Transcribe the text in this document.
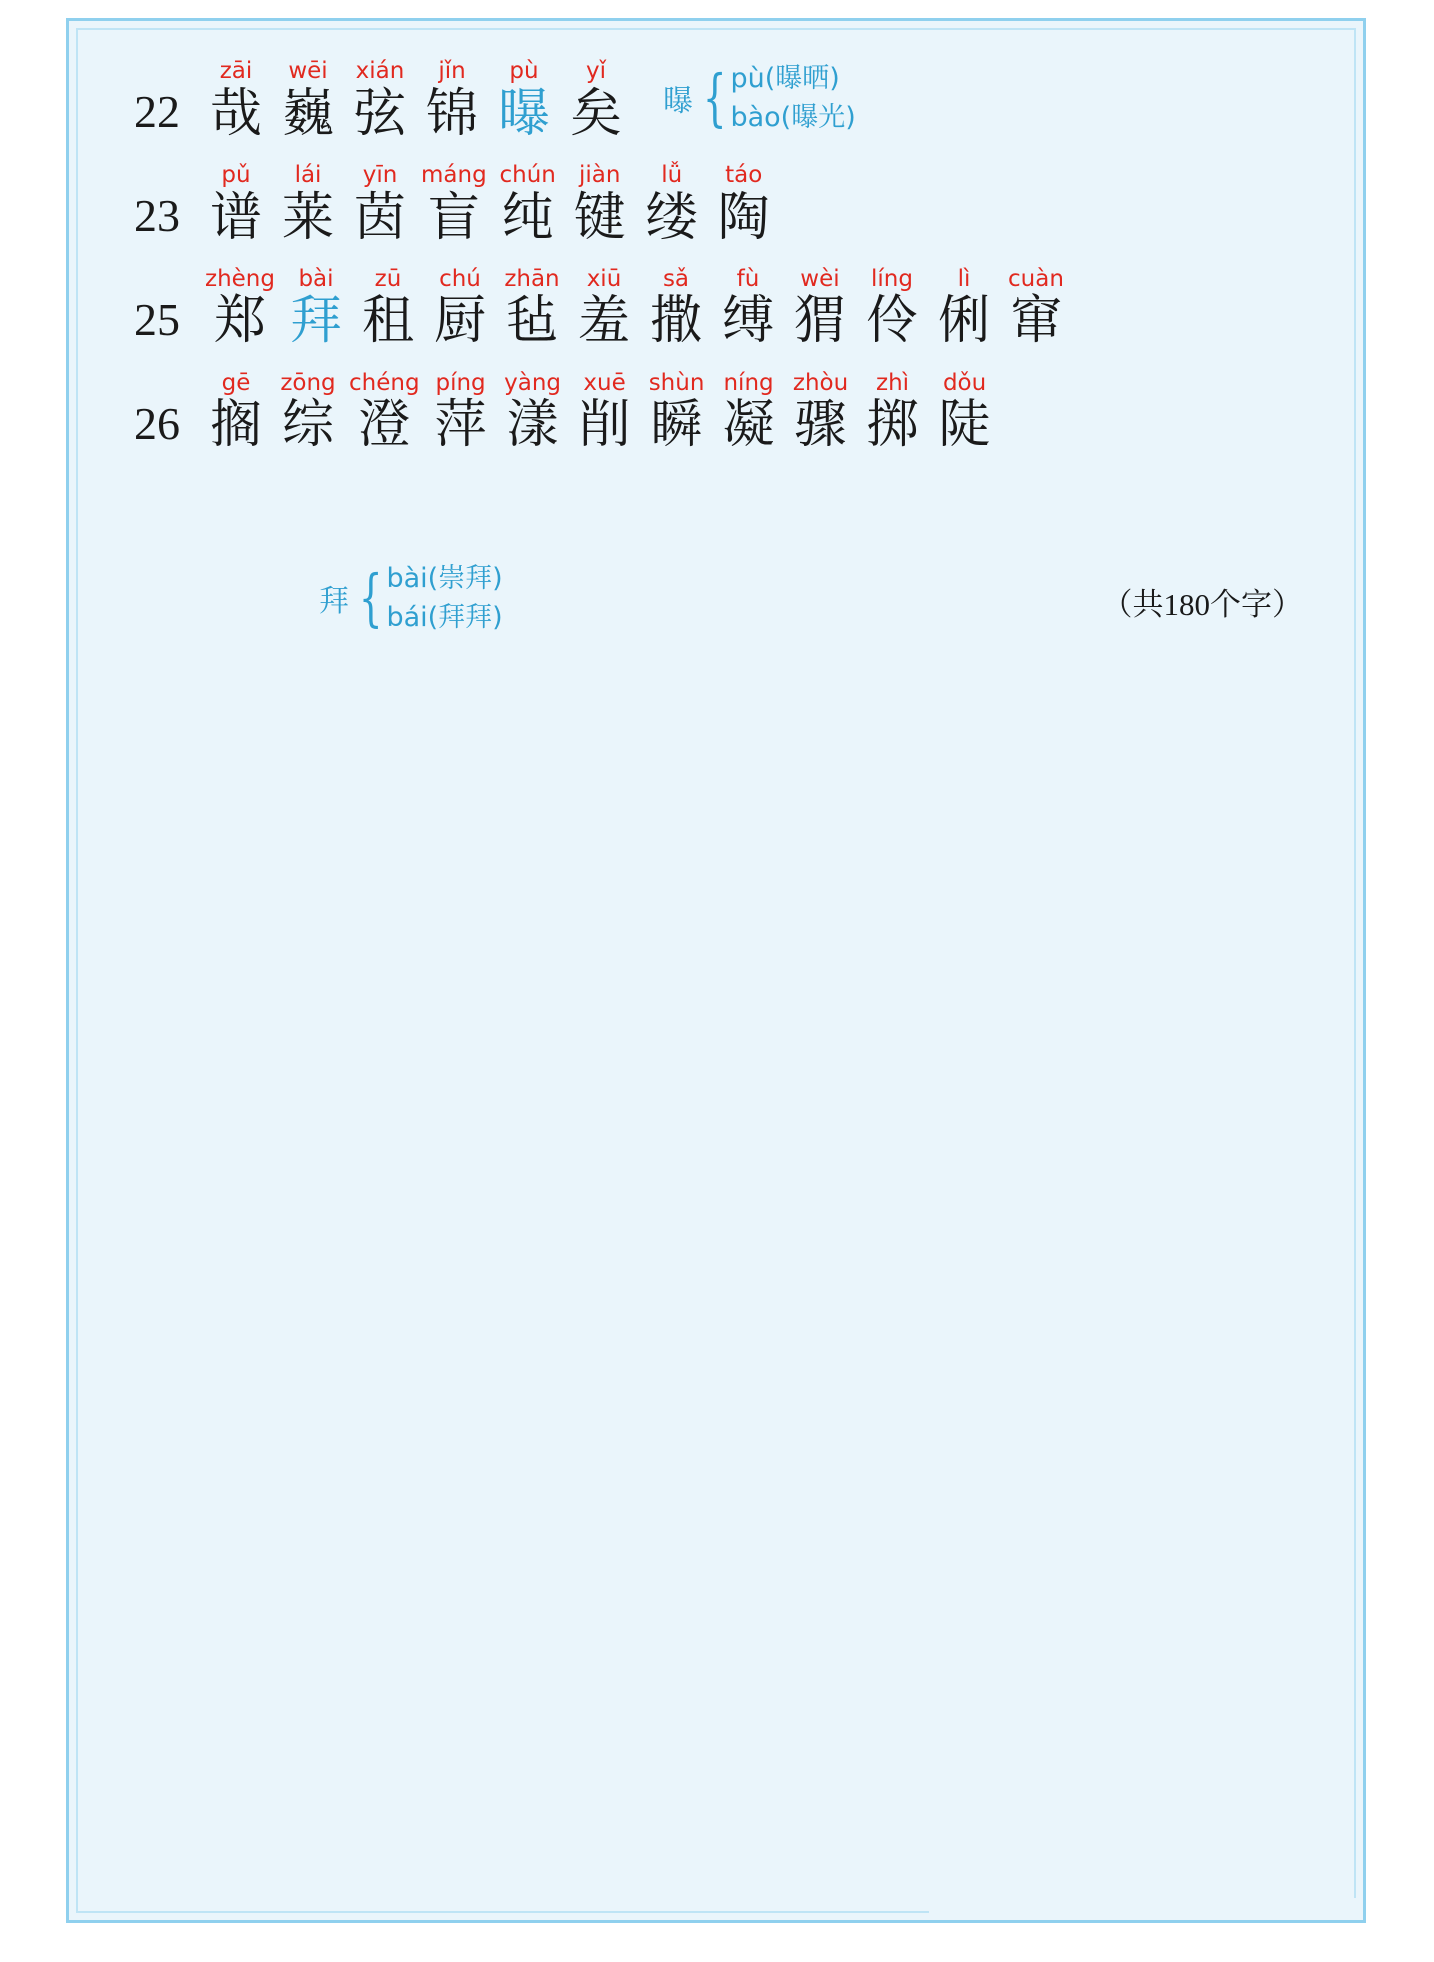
22
zāi
哉
wēi
巍
xián
弦
jǐn
锦
pù
曝
yǐ
矣 曝 { pù(曝晒)
bào(曝光)
23
pǔ
谱
lái
莱
yīn
茵
máng
盲
chún
纯
jiàn
键
lǚ
缕
táo
陶
25
zhèng
郑
bài
拜
zū
租
chú
厨
zhān
毡
xiū
羞
sǎ
撒
fù
缚
wèi
猬
líng
伶
lì
俐
cuàn
窜
26
gē
搁
zōng
综
chéng
澄
píng
萍
yàng
漾
xuē
削
shùn
瞬
níng
凝
zhòu
骤
zhì
掷
dǒu
陡
拜 { bài(崇拜)
bái(拜拜)	（共180个字）
